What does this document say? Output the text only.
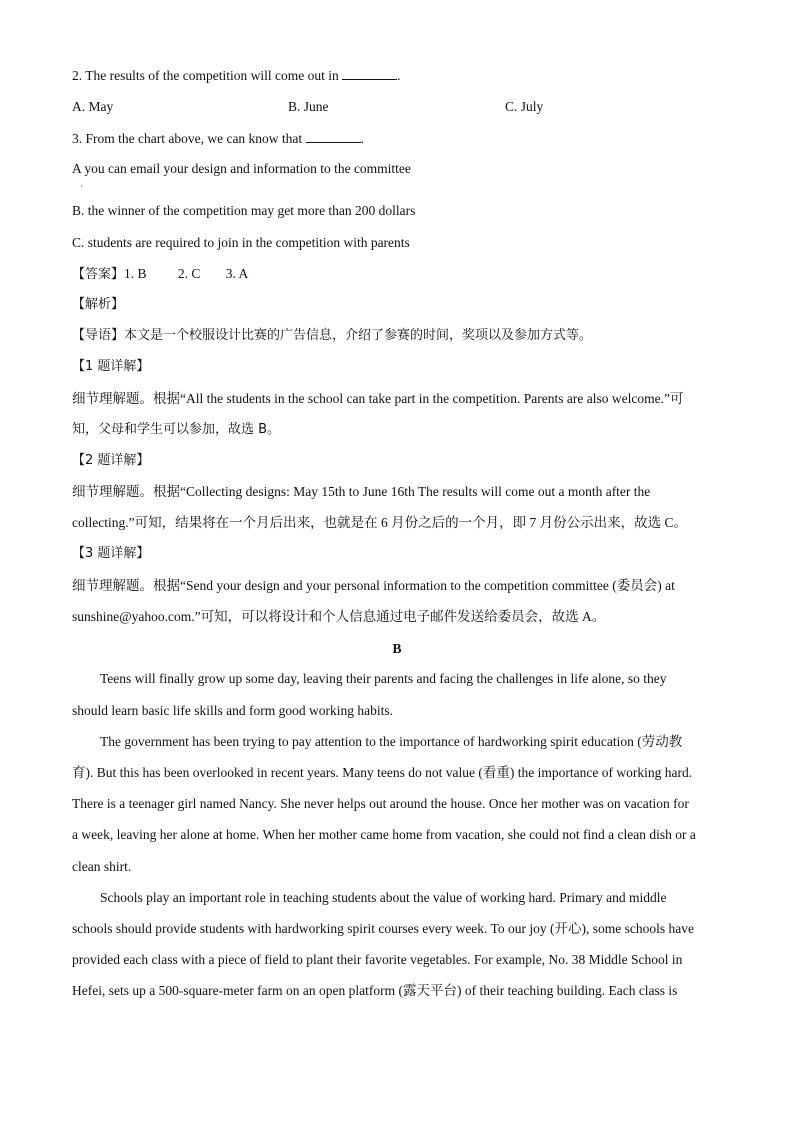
2. The results of the competition will come out in	.
A. May	B. June	C. July
3. From the chart above, we can know that	.
A you can email your design and information to the committee
·
B. the winner of the competition may get more than 200 dollars
C. students are required to join in the competition with parents
【答案】1. B 2. C 3. A
【解析】
【导语】本文是一个校服设计比赛的广告信息，介绍了参赛的时间，奖项以及参加方式等。
【1 题详解】
细节理解题。根据“All the students in the school can take part in the competition. Parents are also welcome.”可
知，父母和学生可以参加，故选 B。
【2 题详解】
细节理解题。根据“Collecting designs: May 15th to June 16th The results will come out a month after the
collecting.”可知，结果将在一个月后出来，也就是在 6 月份之后的一个月，即 7 月份公示出来，故选 C。
【3 题详解】
细节理解题。根据“Send your design and your personal information to the competition committee (委员会) at
sunshine@yahoo.com.”可知，可以将设计和个人信息通过电子邮件发送给委员会，故选 A。
B
Teens will finally grow up some day, leaving their parents and facing the challenges in life alone, so they
should learn basic life skills and form good working habits.
The government has been trying to pay attention to the importance of hardworking spirit education (劳动教
育). But this has been overlooked in recent years. Many teens do not value (看重) the importance of working hard.
There is a teenager girl named Nancy. She never helps out around the house. Once her mother was on vacation for
a week, leaving her alone at home. When her mother came home from vacation, she could not find a clean dish or a
clean shirt.
Schools play an important role in teaching students about the value of working hard. Primary and middle
schools should provide students with hardworking spirit courses every week. To our joy (开心), some schools have
provided each class with a piece of field to plant their favorite vegetables. For example, No. 38 Middle School in
Hefei, sets up a 500-square-meter farm on an open platform (露天平台) of their teaching building. Each class is
